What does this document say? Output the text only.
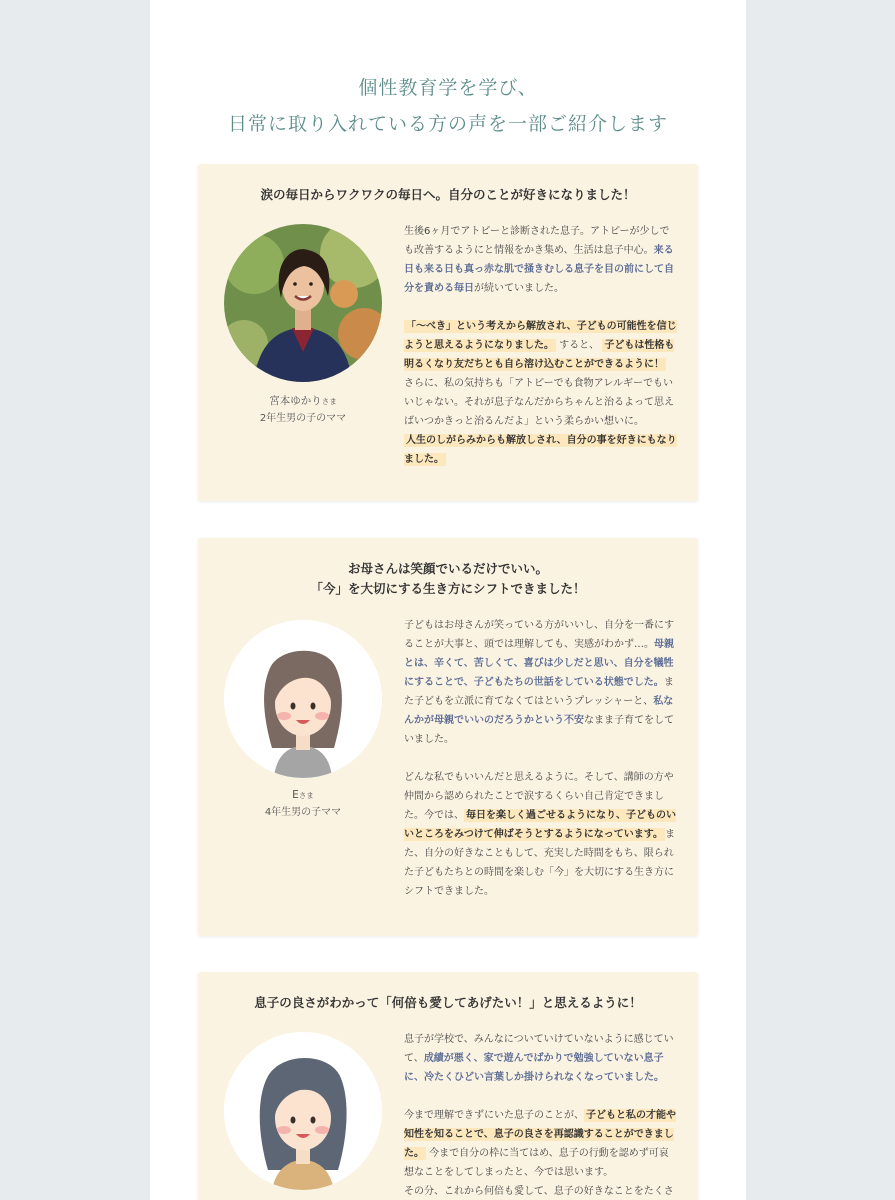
個性教育学を学び、
日常に取り入れている方の声を一部ご紹介します
涙の毎日からワクワクの毎日へ。自分のことが好きになりました！
宮本ゆかりさま
2年生男の子のママ

生後6ヶ月でアトピーと診断された息子。アトピーが少しでも改善するようにと情報をかき集め、生活は息子中心。来る日も来る日も真っ赤な肌で掻きむしる息子を目の前にして自分を責める毎日が続いていました。

「〜べき」という考えから解放され、子どもの可能性を信じようと思えるようになりました。 すると、 子どもは性格も明るくなり友だちとも自ら溶け込むことができるように！
さらに、私の気持ちも「アトピーでも食物アレルギーでもいいじゃない。それが息子なんだからちゃんと治るよって思えばいつかきっと治るんだよ」という柔らかい想いに。
人生のしがらみからも解放しされ、自分の事を好きにもなりました。

お母さんは笑顔でいるだけでいい。
「今」を大切にする生き方にシフトできました！
Eさま
4年生男の子ママ

子どもはお母さんが笑っている方がいいし、自分を一番にすることが大事と、頭では理解しても、実感がわかず…。母親とは、辛くて、苦しくて、喜びは少しだと思い、自分を犠牲にすることで、子どもたちの世話をしている状態でした。また子どもを立派に育てなくてはというプレッシャーと、私なんかが母親でいいのだろうかという不安なまま子育てをしていました。

どんな私でもいいんだと思えるように。そして、講師の方や仲間から認められたことで涙するくらい自己肯定できました。今では、 毎日を楽しく過ごせるようになり、子どものいいところをみつけて伸ばそうとするようになっています。 また、自分の好きなこともして、充実した時間をもち、限られた子どもたちとの時間を楽しむ「今」を大切にする生き方にシフトできました。

息子の良さがわかって「何倍も愛してあげたい！」と思えるように！

息子が学校で、みんなについていけていないように感じていて、成績が悪く、家で遊んでばかりで勉強していない息子に、冷たくひどい言葉しか掛けられなくなっていました。

今まで理解できずにいた息子のことが、 子どもと私の才能や知性を知ることで、息子の良さを再認識することができました。 今まで自分の枠に当てはめ、息子の行動を認めず可哀想なことをしてしまったと、今では思います。
その分、これから何倍も愛して、息子の好きなことをたくさ
